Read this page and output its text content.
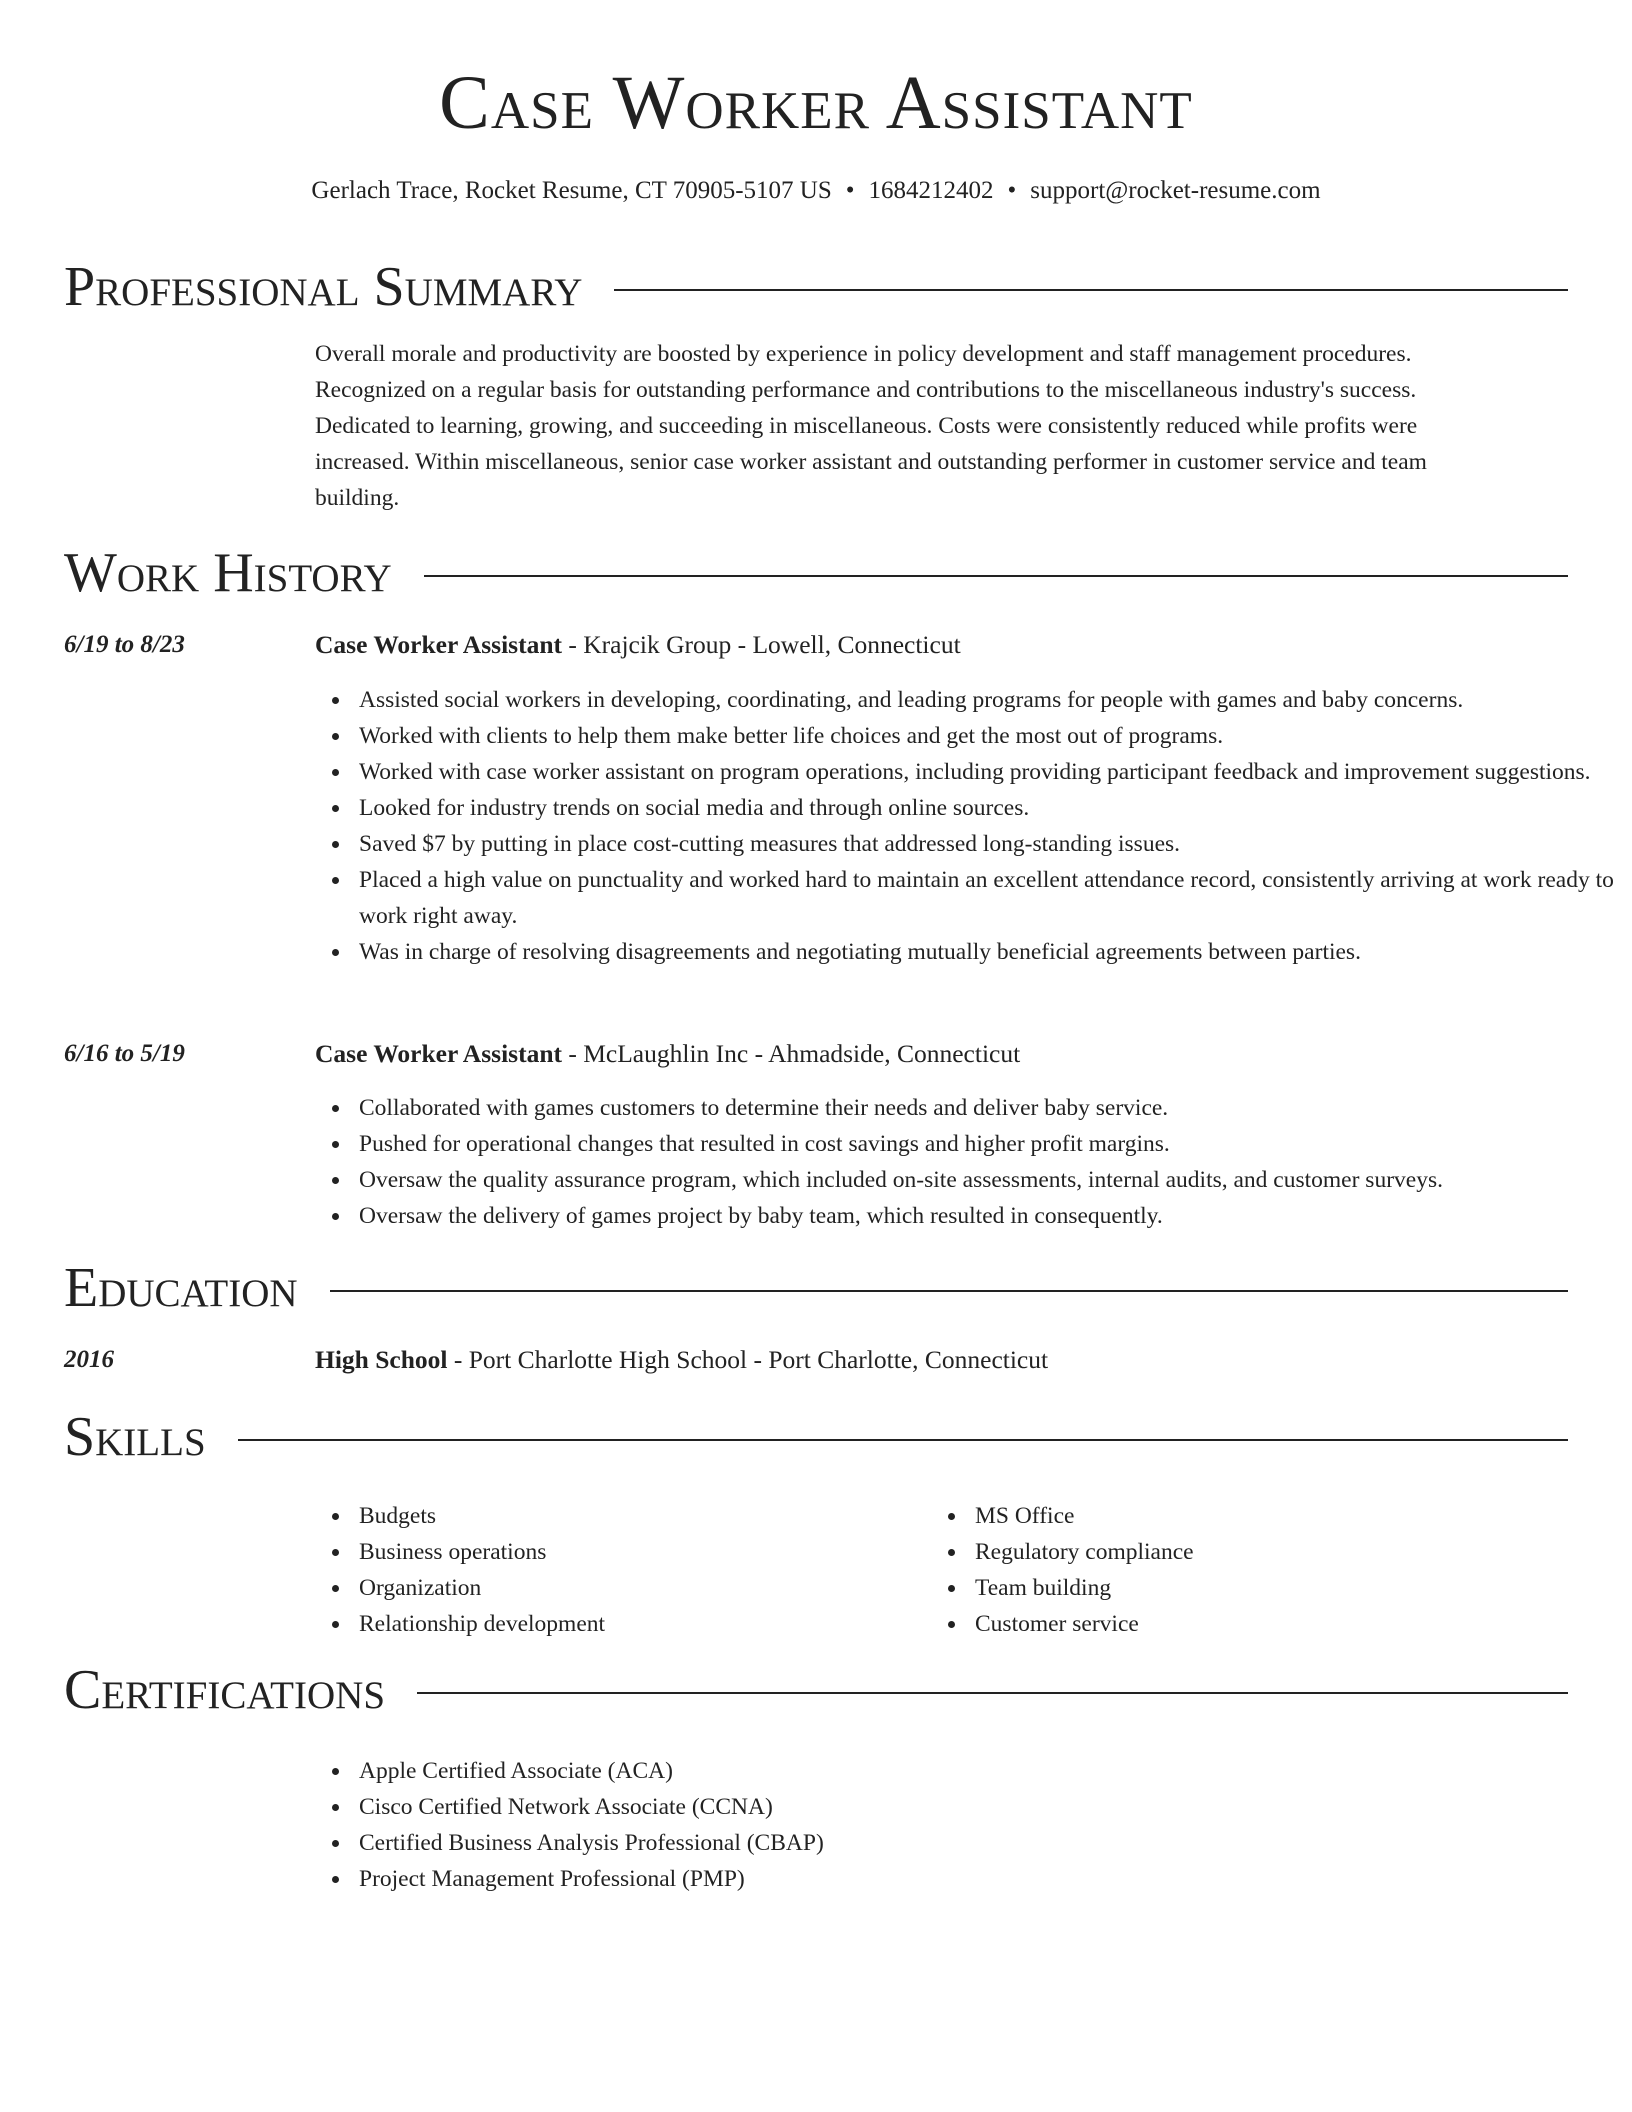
Case Worker Assistant
Gerlach Trace, Rocket Resume, CT 70905-5107 US • 1684212402 • support@rocket-resume.com
Professional Summary
Overall morale and productivity are boosted by experience in policy development and staff management procedures. Recognized on a regular basis for outstanding performance and contributions to the miscellaneous industry's success. Dedicated to learning, growing, and succeeding in miscellaneous. Costs were consistently reduced while profits were increased. Within miscellaneous, senior case worker assistant and outstanding performer in customer service and team building.
Work History
6/19 to 8/23	Case Worker Assistant - Krajcik Group - Lowell, Connecticut
Assisted social workers in developing, coordinating, and leading programs for people with games and baby concerns.
Worked with clients to help them make better life choices and get the most out of programs.
Worked with case worker assistant on program operations, including providing participant feedback and improvement suggestions.
Looked for industry trends on social media and through online sources.
Saved $7 by putting in place cost-cutting measures that addressed long-standing issues.
Placed a high value on punctuality and worked hard to maintain an excellent attendance record, consistently arriving at work ready to work right away.
Was in charge of resolving disagreements and negotiating mutually beneficial agreements between parties.
6/16 to 5/19	Case Worker Assistant - McLaughlin Inc - Ahmadside, Connecticut
Collaborated with games customers to determine their needs and deliver baby service.
Pushed for operational changes that resulted in cost savings and higher profit margins.
Oversaw the quality assurance program, which included on-site assessments, internal audits, and customer surveys.
Oversaw the delivery of games project by baby team, which resulted in consequently.
Education
2016	High School - Port Charlotte High School - Port Charlotte, Connecticut
Skills
Budgets
Business operations
Organization
Relationship development
MS Office
Regulatory compliance
Team building
Customer service
Certifications
Apple Certified Associate (ACA)
Cisco Certified Network Associate (CCNA)
Certified Business Analysis Professional (CBAP)
Project Management Professional (PMP)
